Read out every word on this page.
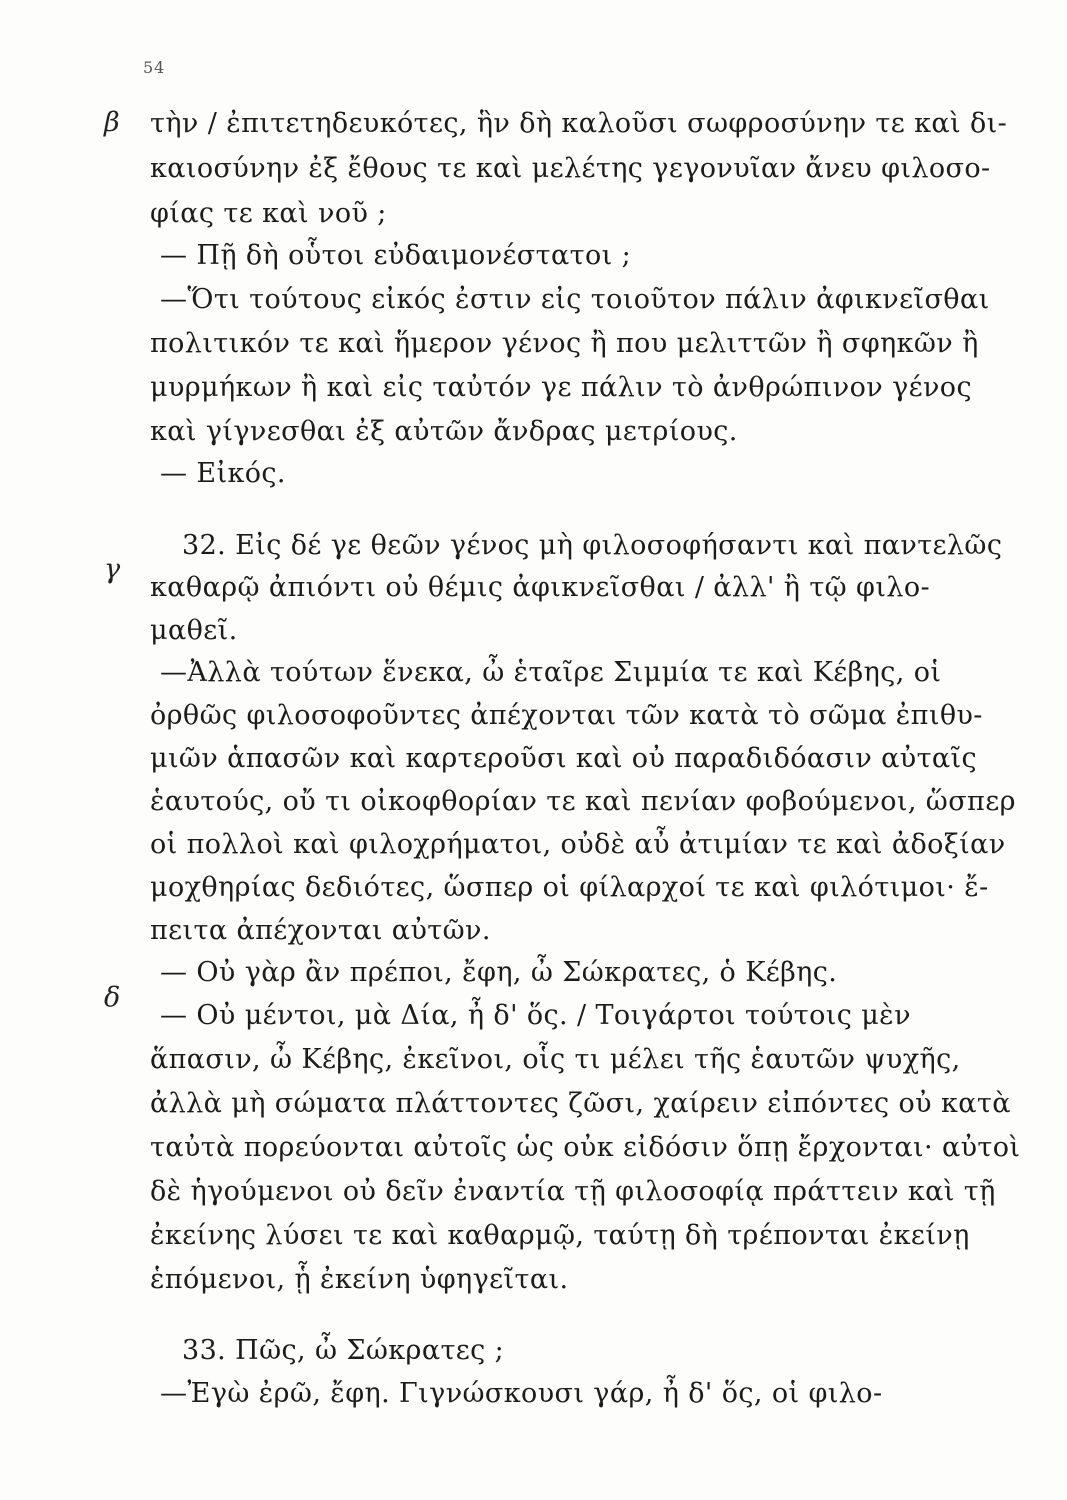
54
β
γ
δ
τὴν / ἐπιτετηδευκότες, ἣν δὴ καλοῦσι σωφροσύνην τε καὶ δι-
καιοσύνην ἐξ ἔθους τε καὶ μελέτης γεγονυῖαν ἄνευ φιλοσο-
φίας τε καὶ νοῦ ;
— Πῇ δὴ οὗτοι εὐδαιμονέστατοι ;
—Ὅτι τούτους εἰκός ἐστιν εἰς τοιοῦτον πάλιν ἀφικνεῖσθαι
πολιτικόν τε καὶ ἥμερον γένος ἢ που μελιττῶν ἢ σφηκῶν ἢ
μυρμήκων ἢ καὶ εἰς ταὐτόν γε πάλιν τὸ ἀνθρώπινον γένος
καὶ γίγνεσθαι ἐξ αὐτῶν ἄνδρας μετρίους.
— Εἰκός.
32. Εἰς δέ γε θεῶν γένος μὴ φιλοσοφήσαντι καὶ παντελῶς
καθαρῷ ἀπιόντι οὐ θέμις ἀφικνεῖσθαι / ἀλλ' ἢ τῷ φιλο-
μαθεῖ.
—Ἀλλὰ τούτων ἕνεκα, ὦ ἑταῖρε Σιμμία τε καὶ Κέβης, οἱ
ὀρθῶς φιλοσοφοῦντες ἀπέχονται τῶν κατὰ τὸ σῶμα ἐπιθυ-
μιῶν ἁπασῶν καὶ καρτεροῦσι καὶ οὐ παραδιδόασιν αὐταῖς
ἑαυτούς, οὔ τι οἰκοφθορίαν τε καὶ πενίαν φοβούμενοι, ὥσπερ
οἱ πολλοὶ καὶ φιλοχρήματοι, οὐδὲ αὖ ἀτιμίαν τε καὶ ἀδοξίαν
μοχθηρίας δεδιότες, ὥσπερ οἱ φίλαρχοί τε καὶ φιλότιμοι· ἔ-
πειτα ἀπέχονται αὐτῶν.
— Οὐ γὰρ ἂν πρέποι, ἔφη, ὦ Σώκρατες, ὁ Κέβης.
— Οὐ μέντοι, μὰ Δία, ἦ δ' ὅς. / Τοιγάρτοι τούτοις μὲν
ἅπασιν, ὦ Κέβης, ἐκεῖνοι, οἷς τι μέλει τῆς ἑαυτῶν ψυχῆς,
ἀλλὰ μὴ σώματα πλάττοντες ζῶσι, χαίρειν εἰπόντες οὐ κατὰ
ταὐτὰ πορεύονται αὐτοῖς ὡς οὐκ εἰδόσιν ὅπῃ ἔρχονται· αὐτοὶ
δὲ ἡγούμενοι οὐ δεῖν ἐναντία τῇ φιλοσοφίᾳ πράττειν καὶ τῇ
ἐκείνης λύσει τε καὶ καθαρμῷ, ταύτῃ δὴ τρέπονται ἐκείνῃ
ἑπόμενοι, ᾗ ἐκείνη ὑφηγεῖται.
33. Πῶς, ὦ Σώκρατες ;
—Ἐγὼ ἐρῶ, ἔφη. Γιγνώσκουσι γάρ, ἦ δ' ὅς, οἱ φιλο-
